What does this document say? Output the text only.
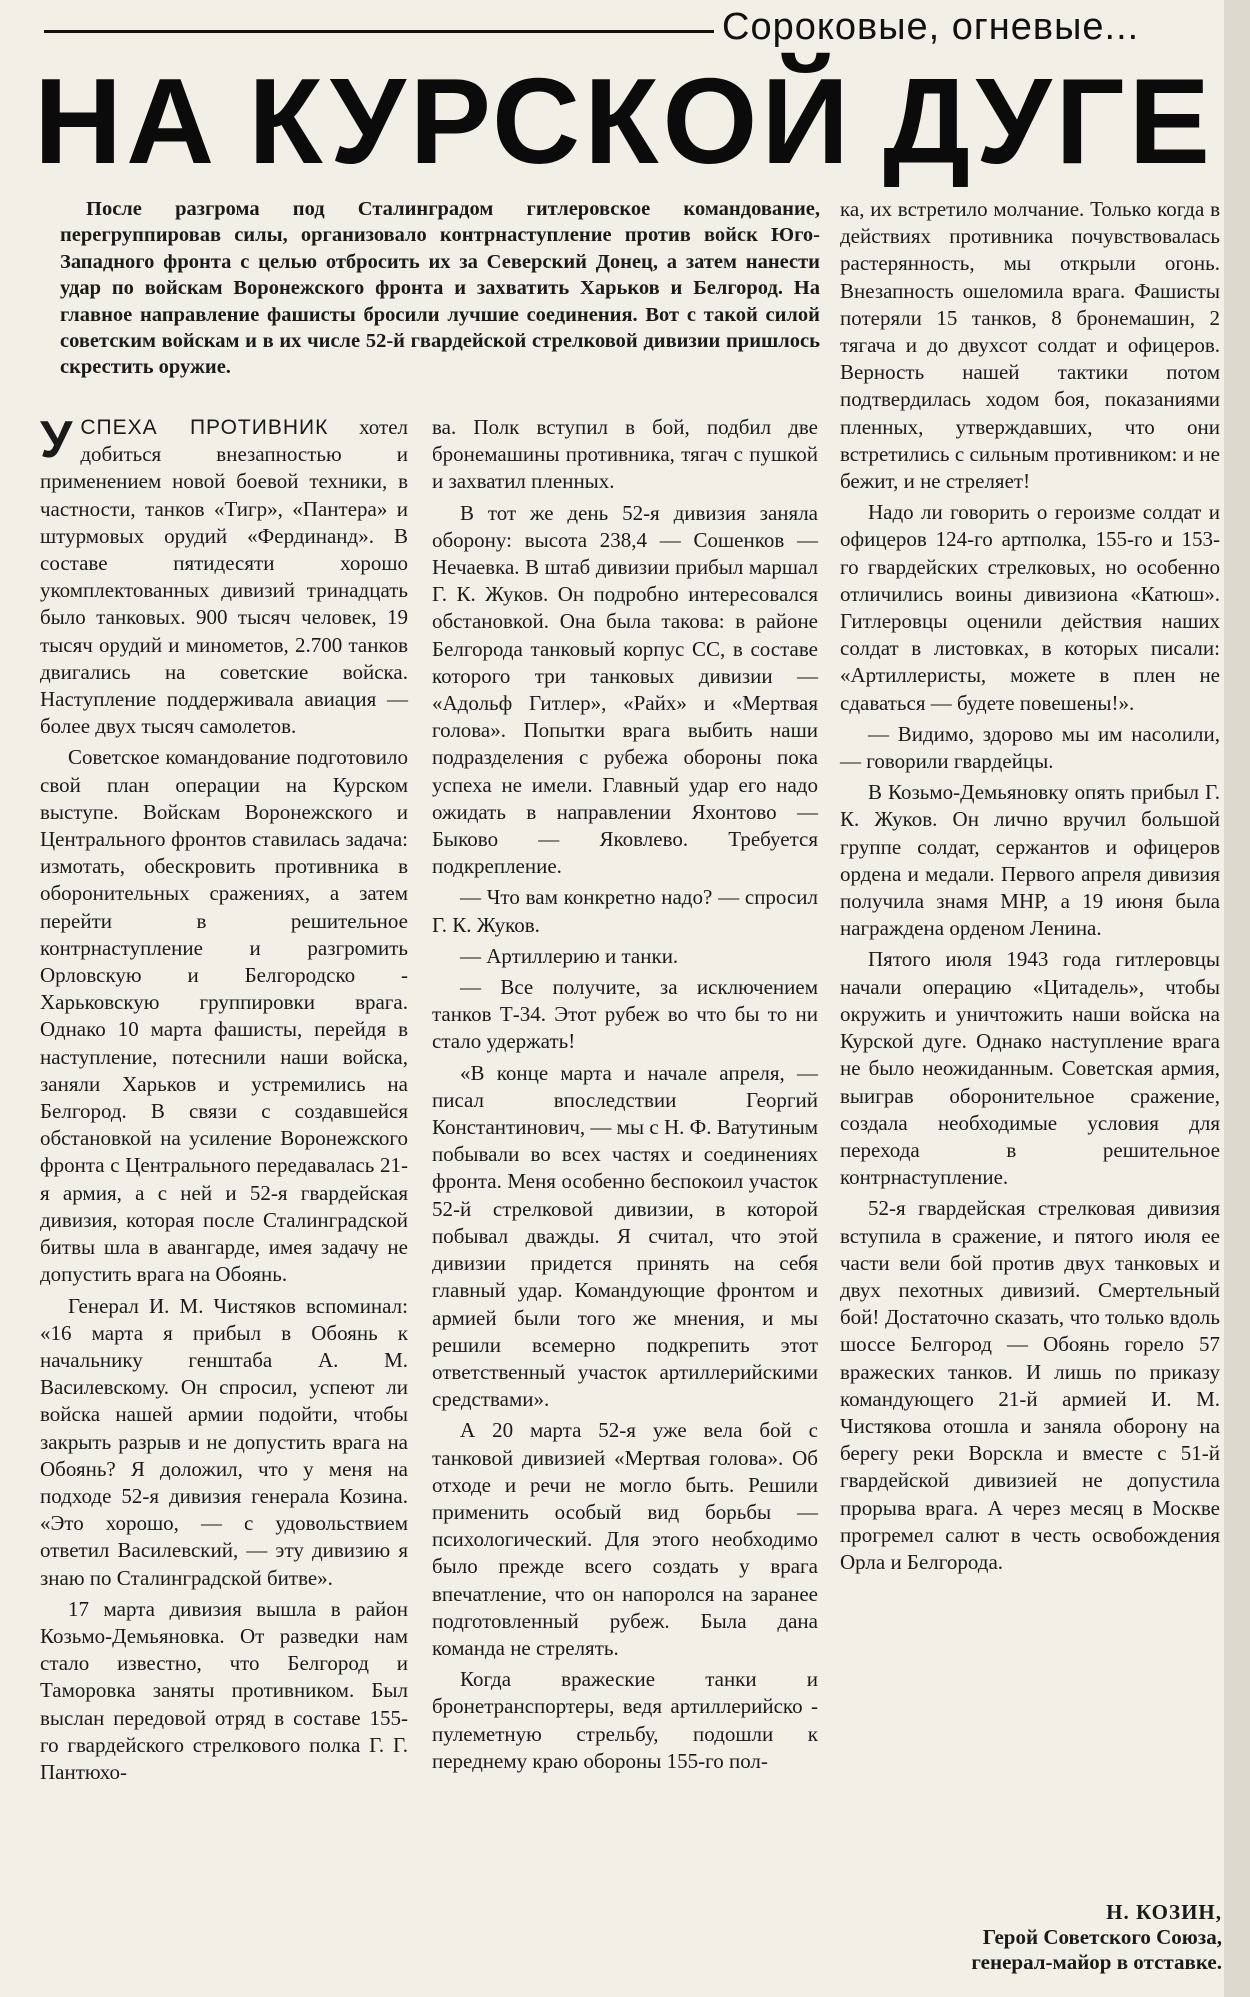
Сороковые, огневые...
НА КУРСКОЙ ДУГЕ
После разгрома под Сталинградом гитлеровское командование, перегруппировав силы, организовало контрнаступление против войск Юго-Западного фронта с целью отбросить их за Северский Донец, а затем нанести удар по войскам Воронежского фронта и захватить Харьков и Белгород. На главное направление фашисты бросили лучшие соединения. Вот с такой силой советским войскам и в их числе 52-й гвардейской стрелковой дивизии пришлось скрестить оружие.

УСПЕХА ПРОТИВНИК хотел добиться внезапностью и применением новой боевой техники, в частности, танков «Тигр», «Пантера» и штурмовых орудий «Фердинанд». В составе пятидесяти хорошо укомплектованных дивизий тринадцать было танковых. 900 тысяч человек, 19 тысяч орудий и минометов, 2.700 танков двигались на советские войска. Наступление поддерживала авиация — более двух тысяч самолетов.

Советское командование подготовило свой план операции на Курском выступе. Войскам Воронежского и Центрального фронтов ставилась задача: измотать, обескровить противника в оборонительных сражениях, а затем перейти в решительное контрнаступление и разгромить Орловскую и Белгородско - Харьковскую группировки врага. Однако 10 марта фашисты, перейдя в наступление, потеснили наши войска, заняли Харьков и устремились на Белгород. В связи с создавшейся обстановкой на усиление Воронежского фронта с Центрального передавалась 21-я армия, а с ней и 52-я гвардейская дивизия, которая после Сталинградской битвы шла в авангарде, имея задачу не допустить врага на Обоянь.

Генерал И. М. Чистяков вспоминал: «16 марта я прибыл в Обоянь к начальнику генштаба А. М. Василевскому. Он спросил, успеют ли войска нашей армии подойти, чтобы закрыть разрыв и не допустить врага на Обоянь? Я доложил, что у меня на подходе 52-я дивизия генерала Козина. «Это хорошо, — с удовольствием ответил Василевский, — эту дивизию я знаю по Сталинградской битве».

17 марта дивизия вышла в район Козьмо-Демьяновка. От разведки нам стало известно, что Белгород и Таморовка заняты противником. Был выслан передовой отряд в составе 155-го гвардейского стрелкового полка Г. Г. Пантюхо-

ва. Полк вступил в бой, подбил две бронемашины противника, тягач с пушкой и захватил пленных.

В тот же день 52-я дивизия заняла оборону: высота 238,4 — Сошенков — Нечаевка. В штаб дивизии прибыл маршал Г. К. Жуков. Он подробно интересовался обстановкой. Она была такова: в районе Белгорода танковый корпус СС, в составе которого три танковых дивизии — «Адольф Гитлер», «Райх» и «Мертвая голова». Попытки врага выбить наши подразделения с рубежа обороны пока успеха не имели. Главный удар его надо ожидать в направлении Яхонтово — Быково — Яковлево. Требуется подкрепление.

— Что вам конкретно надо? — спросил Г. К. Жуков.

— Артиллерию и танки.

— Все получите, за исключением танков Т-34. Этот рубеж во что бы то ни стало удержать!

«В конце марта и начале апреля, — писал впоследствии Георгий Константинович, — мы с Н. Ф. Ватутиным побывали во всех частях и соединениях фронта. Меня особенно беспокоил участок 52-й стрелковой дивизии, в которой побывал дважды. Я считал, что этой дивизии придется принять на себя главный удар. Командующие фронтом и армией были того же мнения, и мы решили всемерно подкрепить этот ответственный участок артиллерийскими средствами».

А 20 марта 52-я уже вела бой с танковой дивизией «Мертвая голова». Об отходе и речи не могло быть. Решили применить особый вид борьбы — психологический. Для этого необходимо было прежде всего создать у врага впечатление, что он напоролся на заранее подготовленный рубеж. Была дана команда не стрелять.

Когда вражеские танки и бронетранспортеры, ведя артиллерийско - пулеметную стрельбу, подошли к переднему краю обороны 155-го пол-

ка, их встретило молчание. Только когда в действиях противника почувствовалась растерянность, мы открыли огонь. Внезапность ошеломила врага. Фашисты потеряли 15 танков, 8 бронемашин, 2 тягача и до двухсот солдат и офицеров. Верность нашей тактики потом подтвердилась ходом боя, показаниями пленных, утверждавших, что они встретились с сильным противником: и не бежит, и не стреляет!

Надо ли говорить о героизме солдат и офицеров 124-го артполка, 155-го и 153-го гвардейских стрелковых, но особенно отличились воины дивизиона «Катюш». Гитлеровцы оценили действия наших солдат в листовках, в которых писали: «Артиллеристы, можете в плен не сдаваться — будете повешены!».

— Видимо, здорово мы им насолили, — говорили гвардейцы.

В Козьмо-Демьяновку опять прибыл Г. К. Жуков. Он лично вручил большой группе солдат, сержантов и офицеров ордена и медали. Первого апреля дивизия получила знамя МНР, а 19 июня была награждена орденом Ленина.

Пятого июля 1943 года гитлеровцы начали операцию «Цитадель», чтобы окружить и уничтожить наши войска на Курской дуге. Однако наступление врага не было неожиданным. Советская армия, выиграв оборонительное сражение, создала необходимые условия для перехода в решительное контрнаступление.

52-я гвардейская стрелковая дивизия вступила в сражение, и пятого июля ее части вели бой против двух танковых и двух пехотных дивизий. Смертельный бой! Достаточно сказать, что только вдоль шоссе Белгород — Обоянь горело 57 вражеских танков. И лишь по приказу командующего 21-й армией И. М. Чистякова отошла и заняла оборону на берегу реки Ворскла и вместе с 51-й гвардейской дивизией не допустила прорыва врага. А через месяц в Москве прогремел салют в честь освобождения Орла и Белгорода.

Н. КОЗИН,
Герой Советского Союза,
генерал-майор в отставке.
